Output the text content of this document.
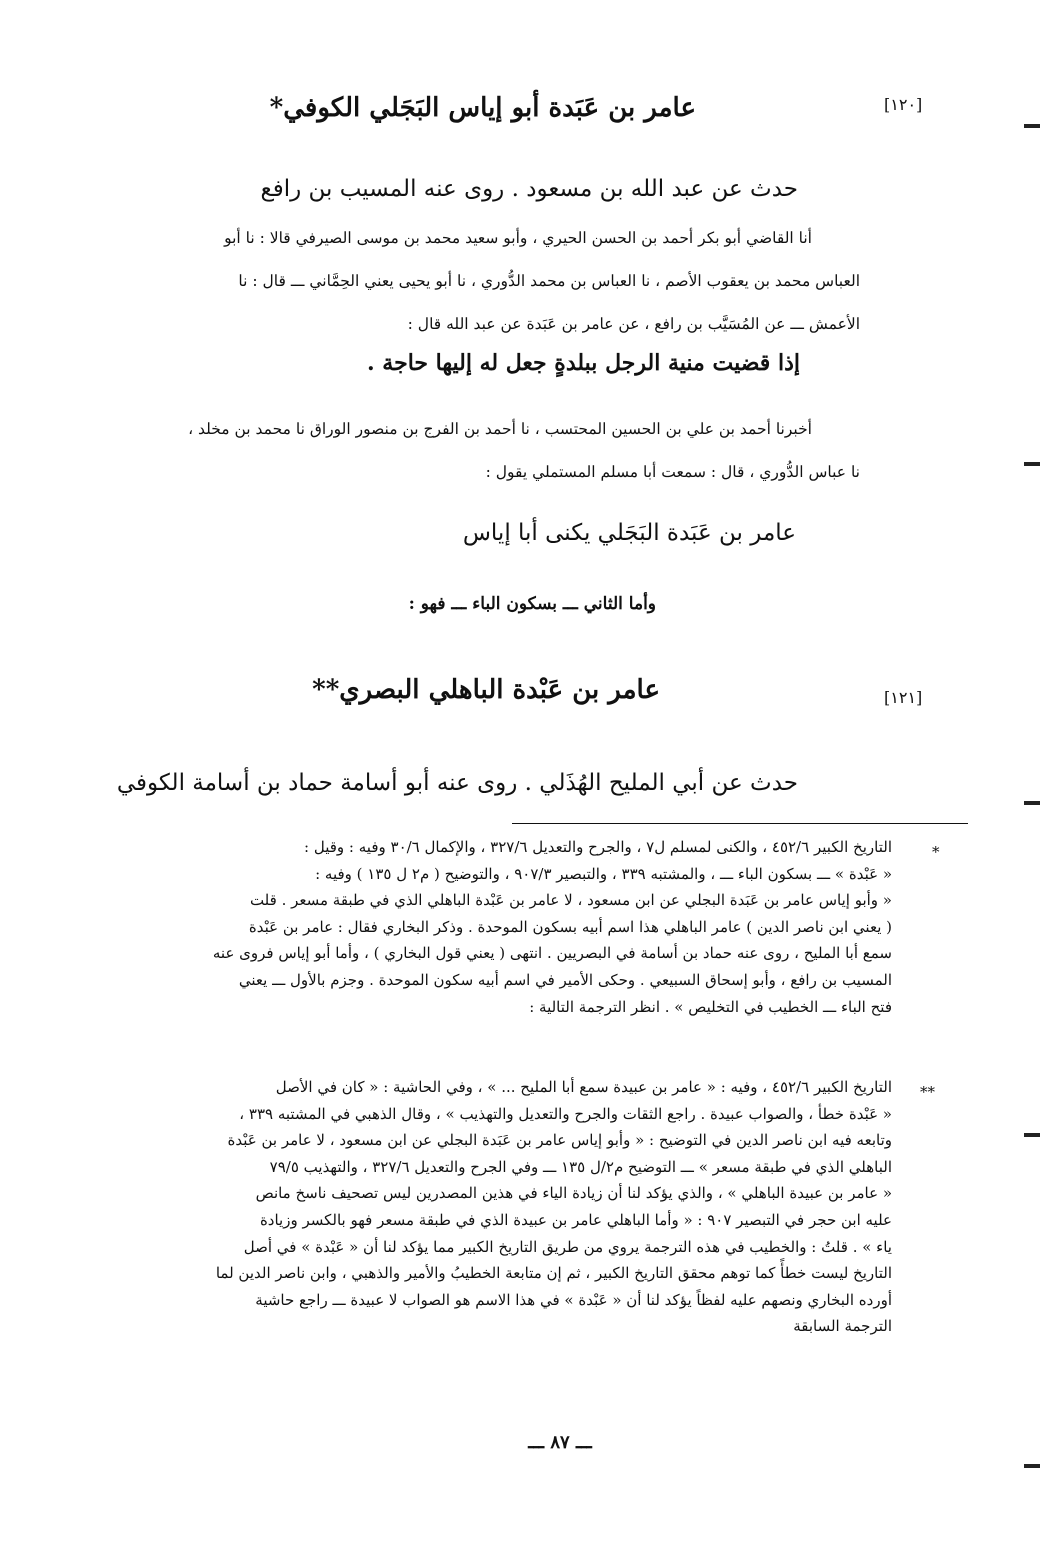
[١٢٠]
عامر بن عَبَدة أبو إياس البَجَلي الكوفي*
حدث عن عبد الله بن مسعود . روى عنه المسيب بن رافع
أنا القاضي أبو بكر أحمد بن الحسن الحيري ، وأبو سعيد محمد بن موسى الصيرفي قالا : نا أبو
العباس محمد بن يعقوب الأصم ، نا العباس بن محمد الدُّوري ، نا أبو يحيى يعني الحِمَّاني ـــ قال : نا
الأعمش ـــ عن المُسَيَّب بن رافع ، عن عامر بن عَبَدة عن عبد الله قال :
إذا قضيت منية الرجل ببلدةٍ جعل له إليها حاجة .
أخبرنا أحمد بن علي بن الحسين المحتسب ، نا أحمد بن الفرج بن منصور الوراق نا محمد بن مخلد ،
نا عباس الدُّوري ، قال : سمعت أبا مسلم المستملي يقول :
عامر بن عَبَدة البَجَلي يكنى أبا إياس
وأما الثاني ـــ بسكون الباء ـــ فهو :
[١٢١]
عامر بن عَبْدة الباهلي البصري**
حدث عن أبي المليح الهُذَلي . روى عنه أبو أسامة حماد بن أسامة الكوفي
*
التاريخ الكبير ٤٥٢/٦ ، والكنى لمسلم ل٧ ، والجرح والتعديل ٣٢٧/٦ ، والإكمال ٣٠/٦ وفيه : وقيل :
« عَبْدة » ـــ بسكون الباء ـــ ، والمشتبه ٣٣٩ ، والتبصير ٩٠٧/٣ ، والتوضيح ( م٢ ل ١٣٥ ) وفيه :
« وأبو إياس عامر بن عَبَدة البجلي عن ابن مسعود ، لا عامر بن عَبْدة الباهلي الذي في طبقة مسعر . قلت
( يعني ابن ناصر الدين ) عامر الباهلي هذا اسم أبيه بسكون الموحدة . وذكر البخاري فقال : عامر بن عَبْدة
سمع أبا المليح ، روى عنه حماد بن أسامة في البصريين . انتهى ( يعني قول البخاري ) ، وأما أبو إياس فروى عنه
المسيب بن رافع ، وأبو إسحاق السبيعي . وحكى الأمير في اسم أبيه سكون الموحدة . وجزم بالأول ـــ يعني
فتح الباء ـــ الخطيب في التخليص » . انظر الترجمة التالية :
**
التاريخ الكبير ٤٥٢/٦ ، وفيه : « عامر بن عبيدة سمع أبا المليح ... » ، وفي الحاشية : « كان في الأصل
« عَبْدة خطأ ، والصواب عبيدة . راجع الثقات والجرح والتعديل والتهذيب » ، وقال الذهبي في المشتبه ٣٣٩ ،
وتابعه فيه ابن ناصر الدين في التوضيح : « وأبو إياس عامر بن عَبَدة البجلي عن ابن مسعود ، لا عامر بن عَبْدة
الباهلي الذي في طبقة مسعر » ـــ التوضيح م٢/ل ١٣٥ ـــ وفي الجرح والتعديل ٣٢٧/٦ ، والتهذيب ٧٩/٥
« عامر بن عبيدة الباهلي » ، والذي يؤكد لنا أن زيادة الياء في هذين المصدرين ليس تصحيف ناسخ مانص
عليه ابن حجر في التبصير ٩٠٧ : « وأما الباهلي عامر بن عبيدة الذي في طبقة مسعر فهو بالكسر وزيادة
ياء » . قلتُ : والخطيب في هذه الترجمة يروي من طريق التاريخ الكبير مما يؤكد لنا أن « عَبْدة » في أصل
التاريخ ليست خطأً كما توهم محقق التاريخ الكبير ، ثم إن متابعة الخطيبُ والأمير والذهبي ، وابن ناصر الدين لما
أورده البخاري ونصهم عليه لفظاً يؤكد لنا أن « عَبْدة » في هذا الاسم هو الصواب لا عبيدة ـــ راجع حاشية
الترجمة السابقة
ـــ ٨٧ ـــ
